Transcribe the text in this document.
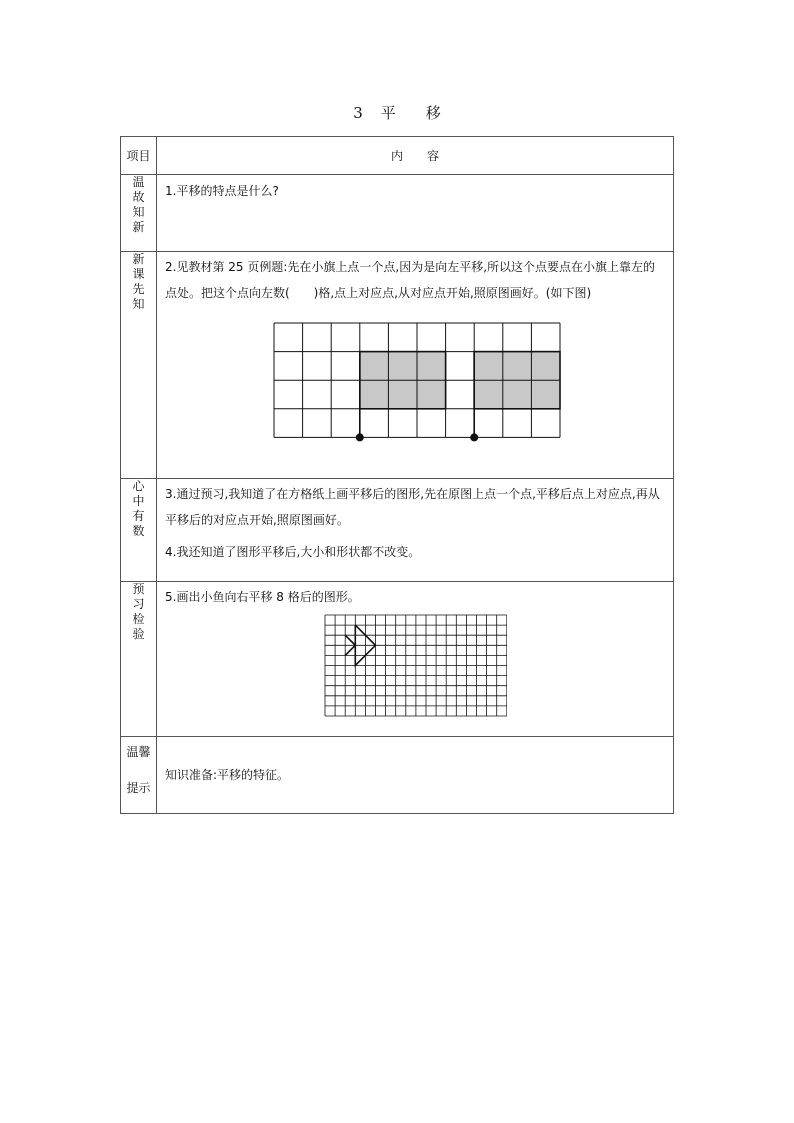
3 平 移
项目	内　　容
温故知新	1.平移的特点是什么?

新课先知	2.见教材第 25 页例题:先在小旗上点一个点,因为是向左平移,所以这个点要点在小旗上靠左的点处。把这个点向左数(　　)格,点上对应点,从对应点开始,照原图画好。(如下图)

心中有数	3.通过预习,我知道了在方格纸上画平移后的图形,先在原图上点一个点,平移后点上对应点,再从平移后的对应点开始,照原图画好。
4.我还知道了图形平移后,大小和形状都不改变。

预习检验	5.画出小鱼向右平移 8 格后的图形。

温馨
提示	知识准备:平移的特征。
